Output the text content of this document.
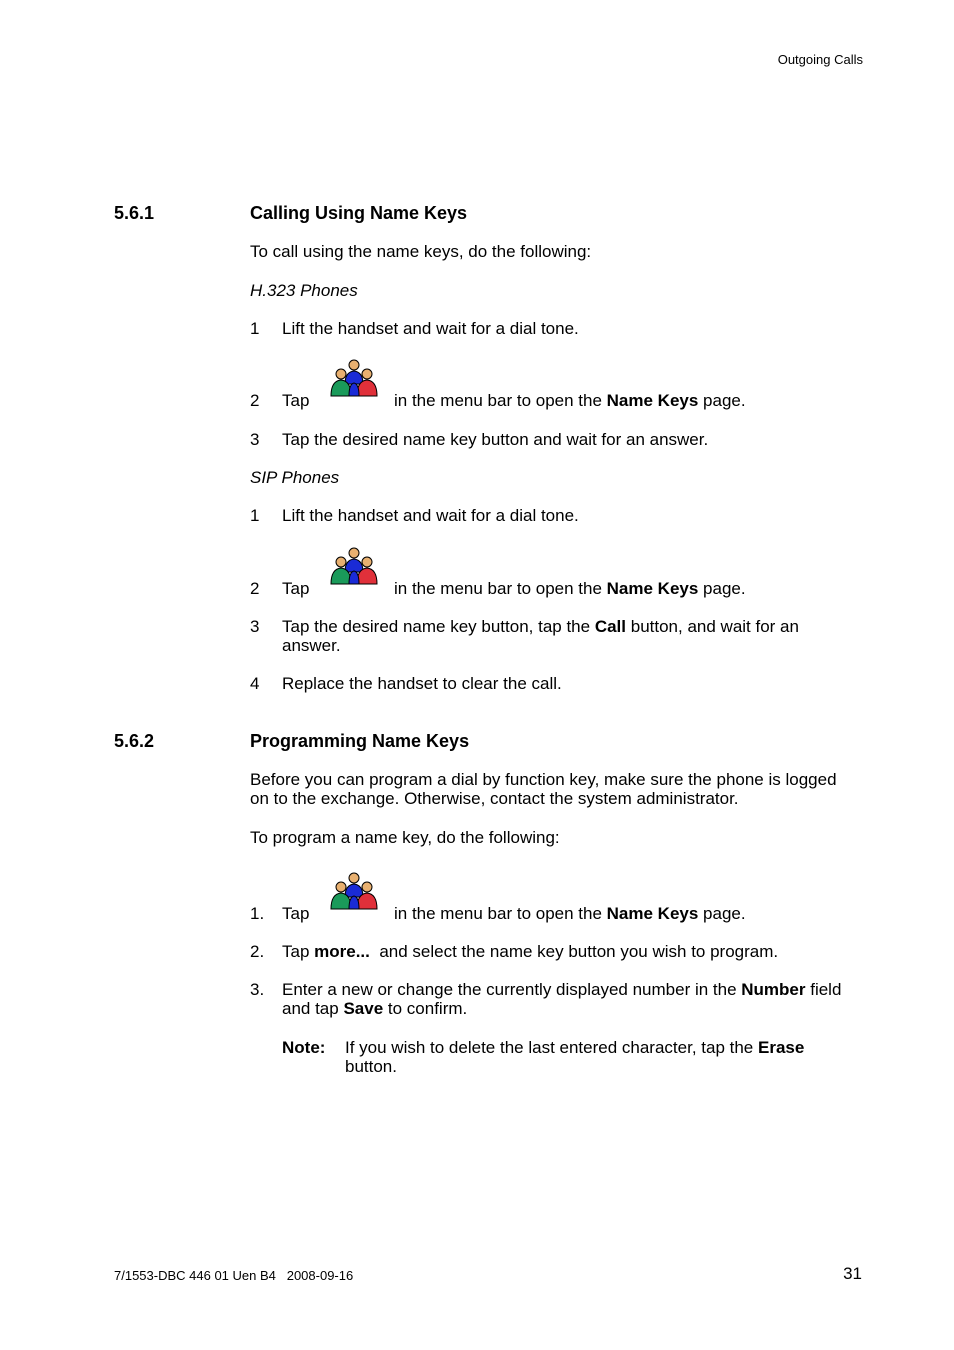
Outgoing Calls
5.6.1	Calling Using Name Keys
To call using the name keys, do the following:
H.323 Phones
1 Lift the handset and wait for a dial tone.
2 Tap	in the menu bar to open the Name Keys page.
3 Tap the desired name key button and wait for an answer.
SIP Phones
1 Lift the handset and wait for a dial tone.
2 Tap	in the menu bar to open the Name Keys page.
3 Tap the desired name key button, tap the Call button, and wait for an
answer.
4 Replace the handset to clear the call.
5.6.2	Programming Name Keys
Before you can program a dial by function key, make sure the phone is logged
on to the exchange. Otherwise, contact the system administrator.
To program a name key, do the following:
1. Tap	in the menu bar to open the Name Keys page.
2. Tap more...  and select the name key button you wish to program.
3. Enter a new or change the currently displayed number in the Number field
and tap Save to confirm.
Note: If you wish to delete the last entered character, tap the Erase
button.
7/1553-DBC 446 01 Uen B4   2008-09-16	31
